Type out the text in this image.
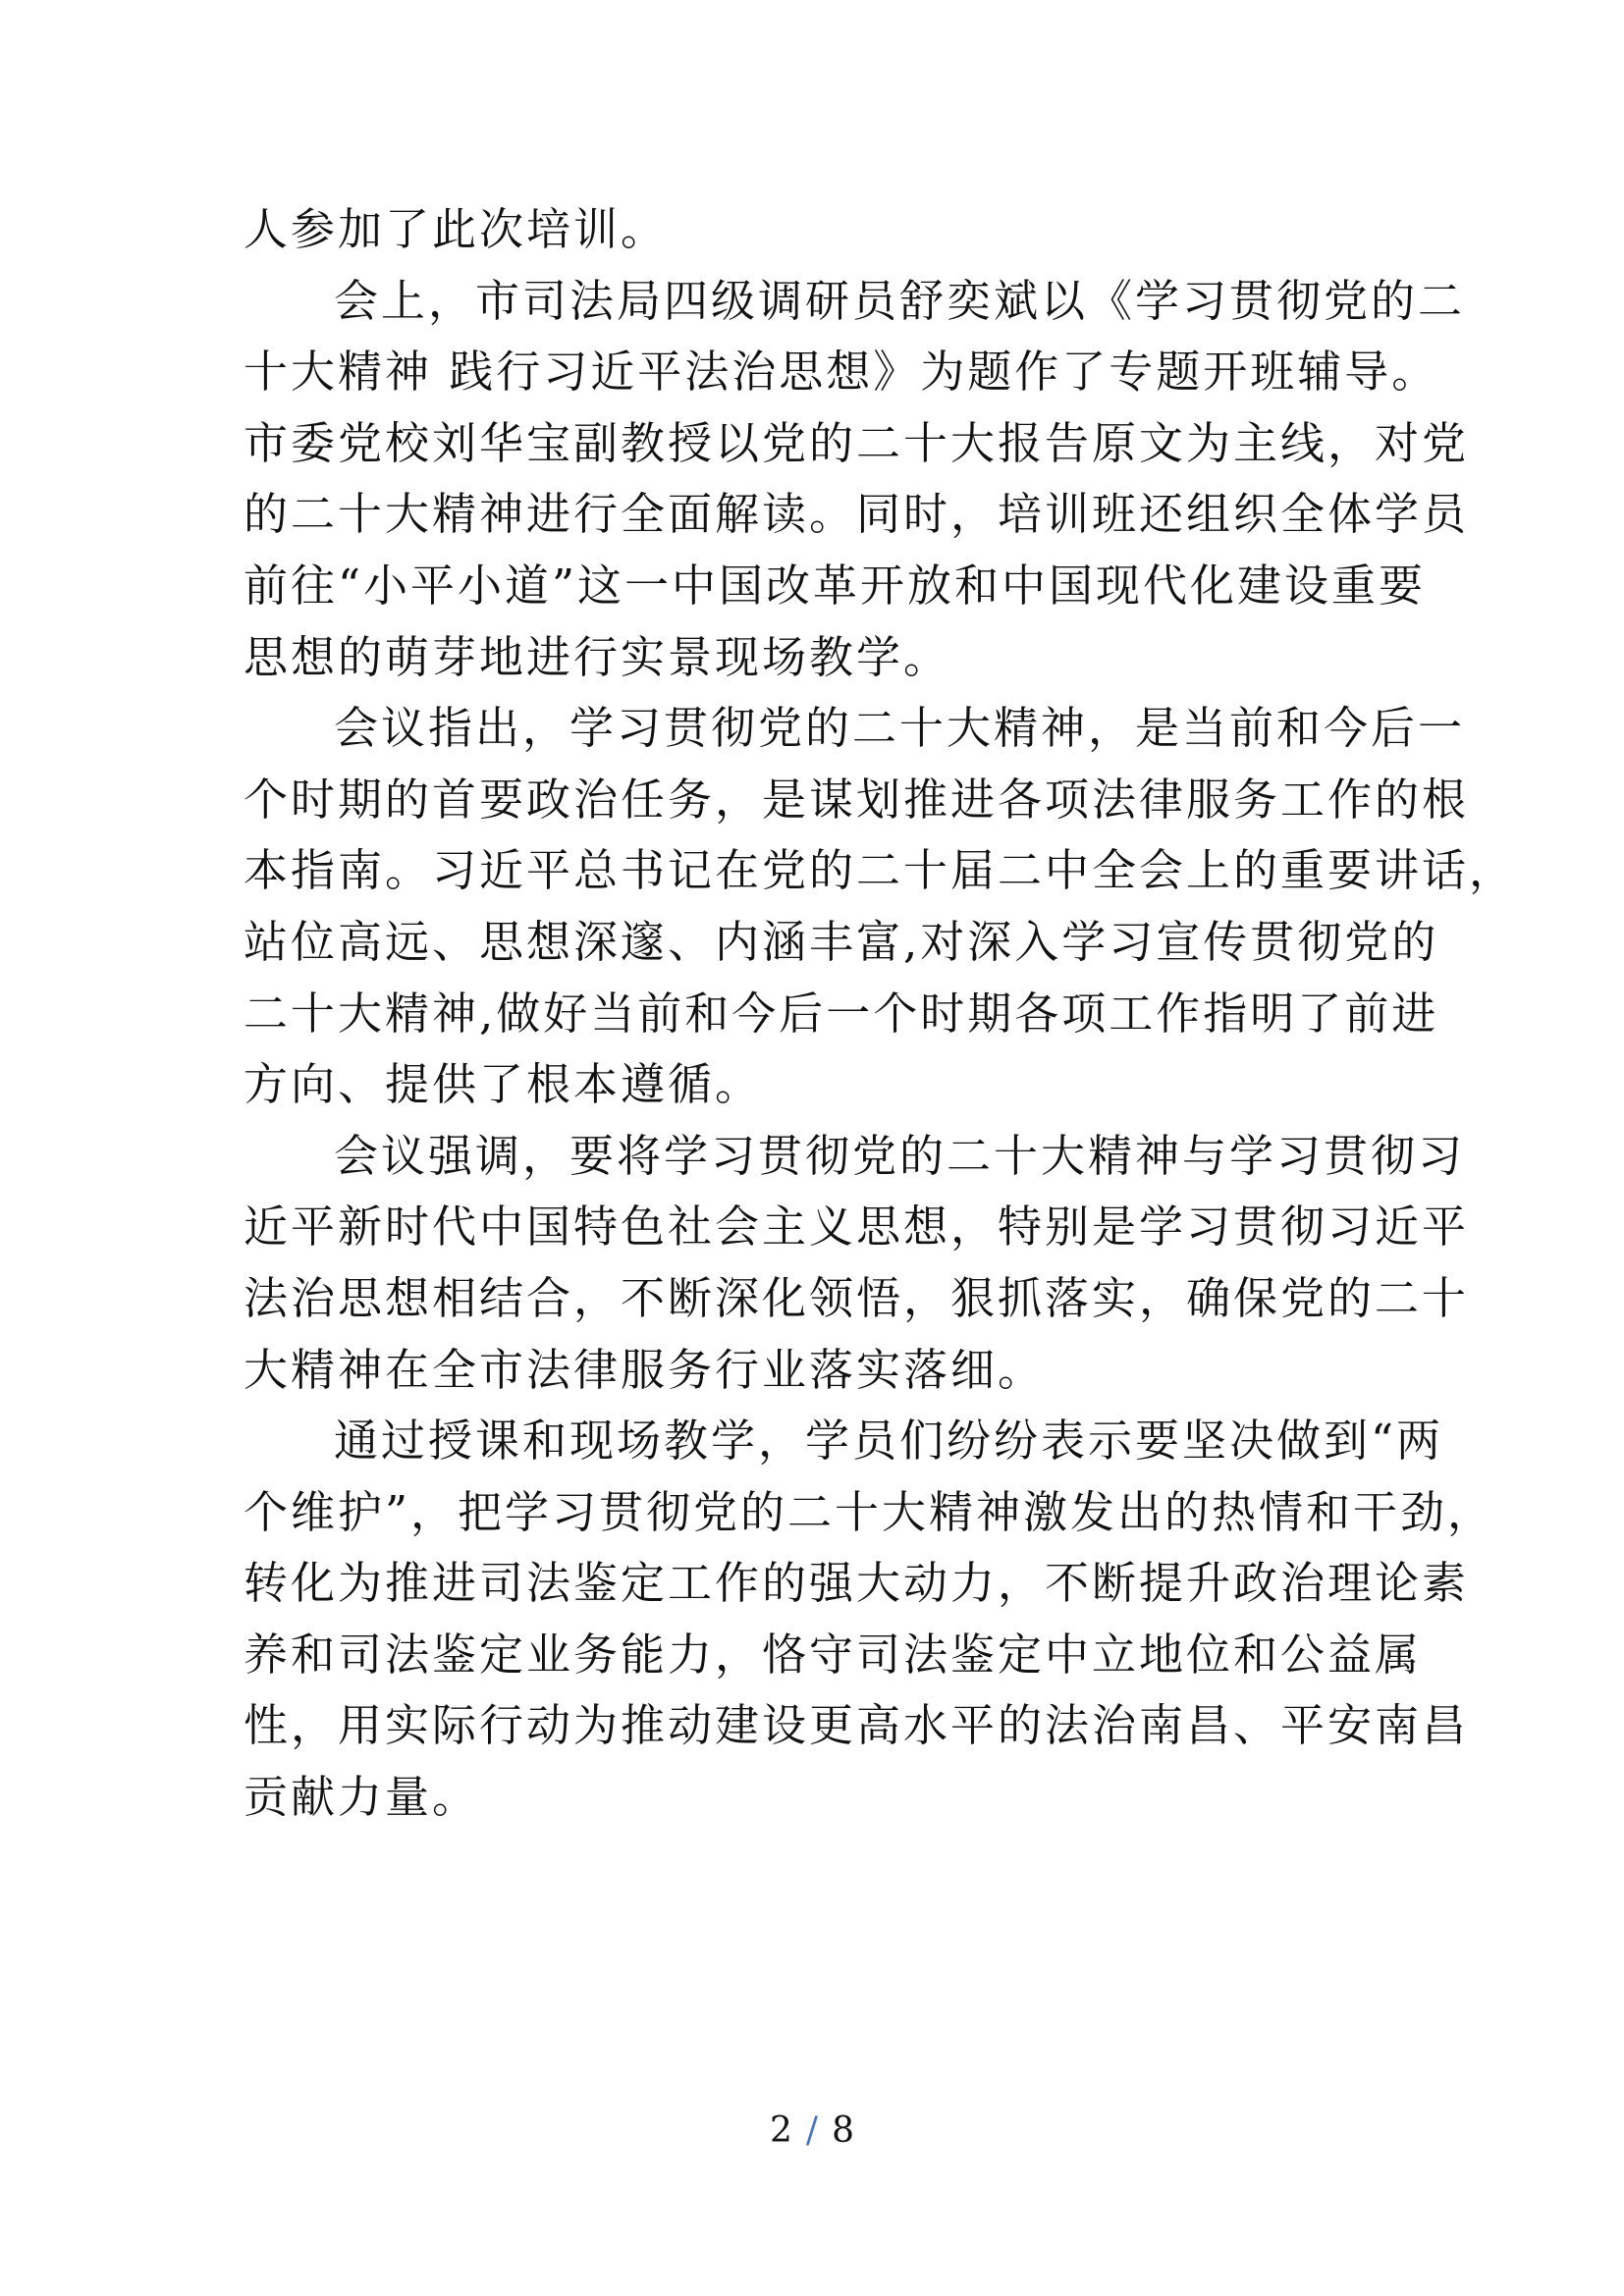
人参加了此次培训。
会上，市司法局四级调研员舒奕斌以《学习贯彻党的二
十大精神 践行习近平法治思想》为题作了专题开班辅导。
市委党校刘华宝副教授以党的二十大报告原文为主线，对党
的二十大精神进行全面解读。同时，培训班还组织全体学员
前往“小平小道”这一中国改革开放和中国现代化建设重要
思想的萌芽地进行实景现场教学。
会议指出，学习贯彻党的二十大精神，是当前和今后一
个时期的首要政治任务，是谋划推进各项法律服务工作的根
本指南。习近平总书记在党的二十届二中全会上的重要讲话，
站位高远、思想深邃、内涵丰富,对深入学习宣传贯彻党的
二十大精神,做好当前和今后一个时期各项工作指明了前进
方向、提供了根本遵循。
会议强调，要将学习贯彻党的二十大精神与学习贯彻习
近平新时代中国特色社会主义思想，特别是学习贯彻习近平
法治思想相结合，不断深化领悟，狠抓落实，确保党的二十
大精神在全市法律服务行业落实落细。
通过授课和现场教学，学员们纷纷表示要坚决做到“两
个维护”，把学习贯彻党的二十大精神激发出的热情和干劲，
转化为推进司法鉴定工作的强大动力，不断提升政治理论素
养和司法鉴定业务能力，恪守司法鉴定中立地位和公益属
性，用实际行动为推动建设更高水平的法治南昌、平安南昌
贡献力量。
2 / 8
